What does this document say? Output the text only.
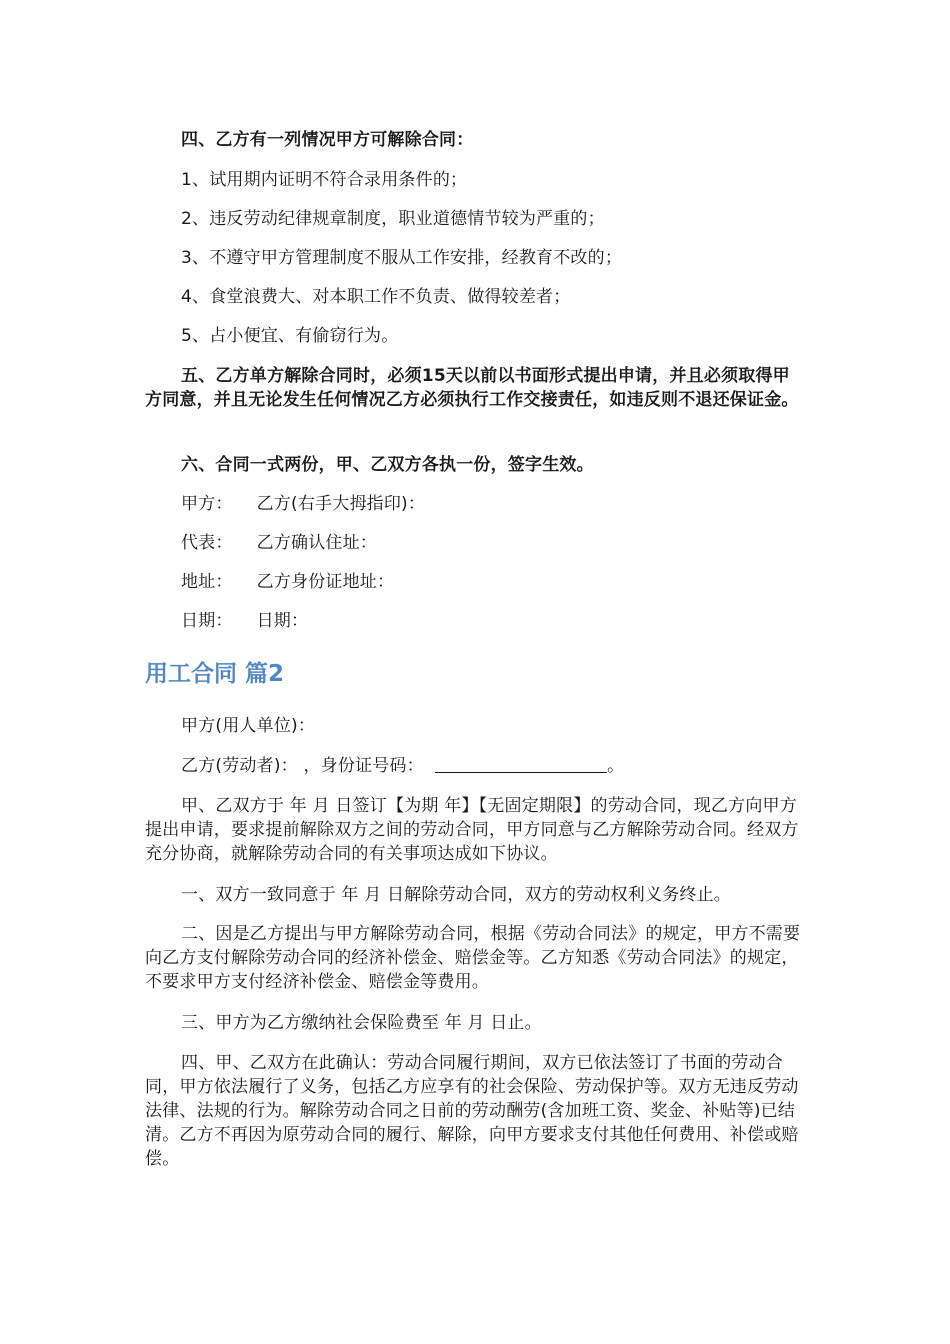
四、乙方有一列情况甲方可解除合同：

1、试用期内证明不符合录用条件的；

2、违反劳动纪律规章制度，职业道德情节较为严重的；

3、不遵守甲方管理制度不服从工作安排，经教育不改的；

4、食堂浪费大、对本职工作不负责、做得较差者；

5、占小便宜、有偷窃行为。

五、乙方单方解除合同时，必须15天以前以书面形式提出申请，并且必须取得甲方同意，并且无论发生任何情况乙方必须执行工作交接责任，如违反则不退还保证金。

六、合同一式两份，甲、乙双方各执一份，签字生效。

甲方： 乙方(右手大拇指印)：

代表： 乙方确认住址：

地址： 乙方身份证地址：

日期： 日期：

用工合同 篇2

甲方(用人单位)：

乙方(劳动者)： ，身份证号码：	。

甲、乙双方于 年 月 日签订【为期 年】【无固定期限】的劳动合同，现乙方向甲方提出申请，要求提前解除双方之间的劳动合同，甲方同意与乙方解除劳动合同。经双方充分协商，就解除劳动合同的有关事项达成如下协议。

一、双方一致同意于 年 月 日解除劳动合同，双方的劳动权利义务终止。

二、因是乙方提出与甲方解除劳动合同，根据《劳动合同法》的规定，甲方不需要向乙方支付解除劳动合同的经济补偿金、赔偿金等。乙方知悉《劳动合同法》的规定，不要求甲方支付经济补偿金、赔偿金等费用。

三、甲方为乙方缴纳社会保险费至 年 月 日止。

四、甲、乙双方在此确认：劳动合同履行期间，双方已依法签订了书面的劳动合同，甲方依法履行了义务，包括乙方应享有的社会保险、劳动保护等。双方无违反劳动法律、法规的行为。解除劳动合同之日前的劳动酬劳(含加班工资、奖金、补贴等)已结清。乙方不再因为原劳动合同的履行、解除，向甲方要求支付其他任何费用、补偿或赔偿。
